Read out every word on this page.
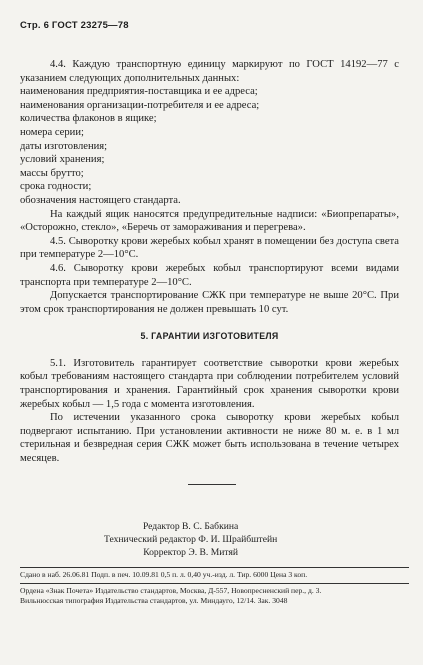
Стр. 6 ГОСТ 23275—78

4.4. Каждую транспортную единицу маркируют по ГОСТ 14192—77 с указанием следующих дополнительных данных:

наименования предприятия-поставщика и ее адреса;

наименования организации-потребителя и ее адреса;

количества флаконов в ящике;

номера серии;

даты изготовления;

условий хранения;

массы брутто;

срока годности;

обозначения настоящего стандарта.

На каждый ящик наносятся предупредительные надписи: «Биопрепараты», «Осторожно, стекло», «Беречь от замораживания и перегрева».

4.5. Сыворотку крови жеребых кобыл хранят в помещении без доступа света при температуре 2—10°С.

4.6. Сыворотку крови жеребых кобыл транспортируют всеми видами транспорта при температуре 2—10°С.

Допускается транспортирование СЖК при температуре не выше 20°С. При этом срок транспортирования не должен превышать 10 сут.

5. ГАРАНТИИ ИЗГОТОВИТЕЛЯ

5.1. Изготовитель гарантирует соответствие сыворотки крови жеребых кобыл требованиям настоящего стандарта при соблюдении потребителем условий транспортирования и хранения. Гарантийный срок хранения сыворотки крови жеребых кобыл — 1,5 года с момента изготовления.

По истечении указанного срока сыворотку крови жеребых кобыл подвергают испытанию. При установлении активности не ниже 80 м. е. в 1 мл стерильная и безвредная серия СЖК может быть использована в течение четырех месяцев.

Редактор В. С. Бабкина
Технический редактор Ф. И. Шрайбштейн
Корректор Э. В. Митяй
Сдано в наб. 26.06.81 Подп. в печ. 10.09.81 0,5 п. л. 0,40 уч.-изд. л. Тир. 6000 Цена 3 коп.
Ордена «Знак Почета» Издательство стандартов, Москва, Д-557, Новопресненский пер., д. 3.
Вильнюсская типография Издательства стандартов, ул. Миндауго, 12/14. Зак. 3048
